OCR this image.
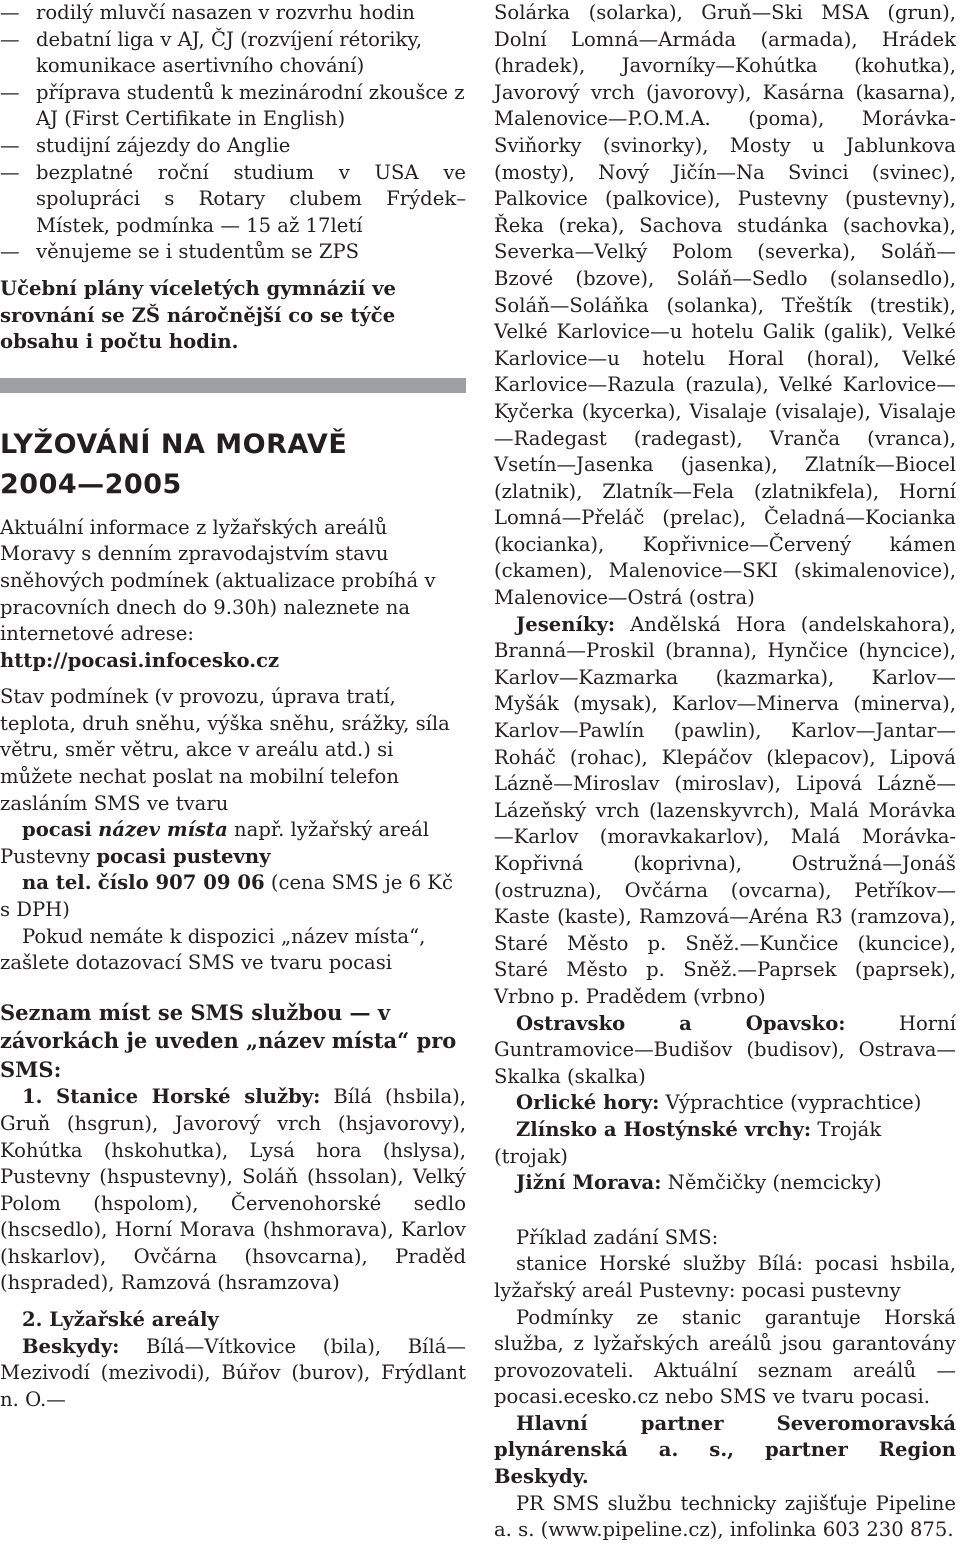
— rodilý mluvčí nasazen v rozvrhu hodin

— debatní liga v AJ, ČJ (rozvíjení rétoriky, komunikace asertivního chování)

— příprava studentů k mezinárodní zkoušce z AJ (First Certifikate in English)

— studijní zájezdy do Anglie

— bezplatné roční studium v USA ve spolupráci s Rotary clubem Frýdek–Místek, podmínka — 15 až 17letí

— věnujeme se i studentům se ZPS

Učební plány víceletých gymnázií ve srovnání se ZŠ náročnější co se týče obsahu i počtu hodin.

LYŽOVÁNÍ NA MORAVĚ
2004—2005

Aktuální informace z lyžařských areálů Moravy s denním zpravodajstvím stavu sněhových podmínek (aktualizace probíhá v pracovních dnech do 9.30h) naleznete na internetové adrese:

http://pocasi.infocesko.cz

Stav podmínek (v provozu, úprava tratí, teplota, druh sněhu, výška sněhu, srážky, síla větru, směr větru, akce v areálu atd.) si můžete nechat poslat na mobilní telefon zasláním SMS ve tvaru
pocasi název místa např. lyžařský areál Pustevny pocasi pustevny
na tel. číslo 907 09 06 (cena SMS je 6 Kč s DPH)

Pokud nemáte k dispozici „název místa“, zašlete dotazovací SMS ve tvaru pocasi

Seznam míst se SMS službou — v závorkách je uveden „název místa“ pro SMS:

1. Stanice Horské služby: Bílá (hsbila), Gruň (hsgrun), Javorový vrch (hsjavorovy), Kohútka (hskohutka), Lysá hora (hslysa), Pustevny (hspustevny), Soláň (hssolan), Velký Polom (hspolom), Červenohorské sedlo (hscsedlo), Horní Morava (hshmorava), Karlov (hskarlov), Ovčárna (hsovcarna), Praděd (hspraded), Ramzová (hsramzova)

2. Lyžařské areály

Beskydy: Bílá—Vítkovice (bila), Bílá—Mezivodí (mezivodi), Búřov (burov), Frýdlant n. O.—

Solárka (solarka), Gruň—Ski MSA (grun), Dolní Lomná—Armáda (armada), Hrádek (hradek), Javorníky—Kohútka (kohutka), Javorový vrch (javorovy), Kasárna (kasarna), Malenovice—P.O.M.A. (poma), Morávka-Sviňorky (svinorky), Mosty u Jablunkova (mosty), Nový Jičín—Na Svinci (svinec), Palkovice (palkovice), Pustevny (pustevny), Řeka (reka), Sachova studánka (sachovka), Severka—Velký Polom (severka), Soláň—Bzové (bzove), Soláň—Sedlo (solansedlo), Soláň—Soláňka (solanka), Třeštík (trestik), Velké Karlovice—u hotelu Galik (galik), Velké Karlovice—u hotelu Horal (horal), Velké Karlovice—Razula (razula), Velké Karlovice—Kyčerka (kycerka), Visalaje (visalaje), Visalaje—Radegast (radegast), Vranča (vranca), Vsetín—Jasenka (jasenka), Zlatník—Biocel (zlatnik), Zlatník—Fela (zlatnikfela), Horní Lomná—Přeláč (prelac), Čeladná—Kocianka (kocianka), Kopřivnice—Červený kámen (ckamen), Malenovice—SKI (skimalenovice), Malenovice—Ostrá (ostra)

Jeseníky: Andělská Hora (andelskahora), Branná—Proskil (branna), Hynčice (hyncice), Karlov—Kazmarka (kazmarka), Karlov—Myšák (mysak), Karlov—Minerva (minerva), Karlov—Pawlín (pawlin), Karlov—Jantar—Roháč (rohac), Klepáčov (klepacov), Lipová Lázně—Miroslav (miroslav), Lipová Lázně—Lázeňský vrch (lazenskyvrch), Malá Morávka—Karlov (moravkakarlov), Malá Morávka-Kopřivná (koprivna), Ostružná—Jonáš (ostruzna), Ovčárna (ovcarna), Petříkov—Kaste (kaste), Ramzová—Aréna R3 (ramzova), Staré Město p. Sněž.—Kunčice (kuncice), Staré Město p. Sněž.—Paprsek (paprsek), Vrbno p. Pradědem (vrbno)

Ostravsko a Opavsko: Horní Guntramovice—Budišov (budisov), Ostrava—Skalka (skalka)

Orlické hory: Výprachtice (vyprachtice)

Zlínsko a Hostýnské vrchy: Troják (trojak)

Jižní Morava: Němčičky (nemcicky)

Příklad zadání SMS:

stanice Horské služby Bílá: pocasi hsbila, lyžařský areál Pustevny: pocasi pustevny

Podmínky ze stanic garantuje Horská služba, z lyžařských areálů jsou garantovány provozovateli. Aktuální seznam areálů — pocasi.ecesko.cz nebo SMS ve tvaru pocasi.

Hlavní partner Severomoravská plynárenská a. s., partner Region Beskydy.

PR SMS službu technicky zajišťuje Pipeline a. s. (www.pipeline.cz), infolinka 603 230 875.
